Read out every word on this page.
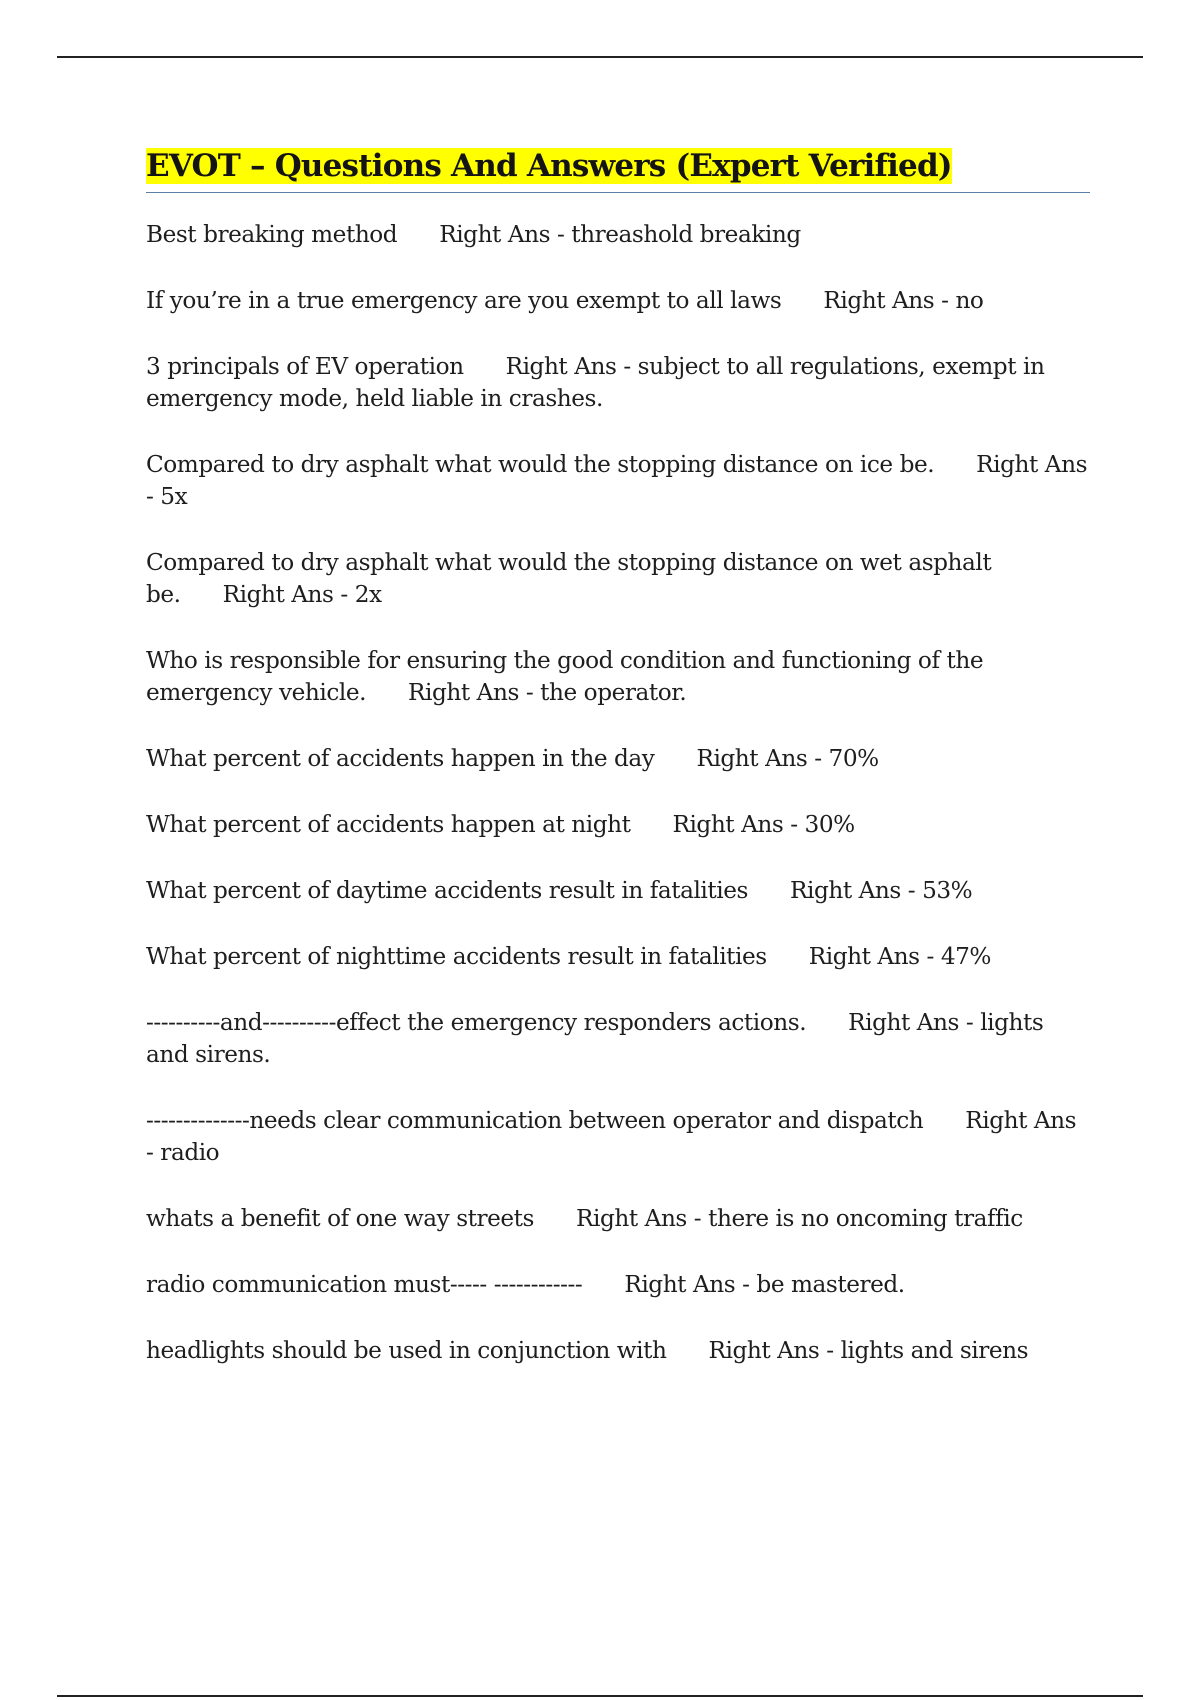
EVOT – Questions And Answers (Expert Verified)
Best breaking method Right Ans - threashold breaking
If you’re in a true emergency are you exempt to all laws Right Ans - no
3 principals of EV operation Right Ans - subject to all regulations, exempt in emergency mode, held liable in crashes.
Compared to dry asphalt what would the stopping distance on ice be. Right Ans - 5x
Compared to dry asphalt what would the stopping distance on wet asphalt be. Right Ans - 2x
Who is responsible for ensuring the good condition and functioning of the emergency vehicle. Right Ans - the operator.
What percent of accidents happen in the day Right Ans - 70%
What percent of accidents happen at night Right Ans - 30%
What percent of daytime accidents result in fatalities Right Ans - 53%
What percent of nighttime accidents result in fatalities Right Ans - 47%
----------and----------effect the emergency responders actions. Right Ans - lights and sirens.
--------------needs clear communication between operator and dispatch Right Ans - radio
whats a benefit of one way streets Right Ans - there is no oncoming traffic
radio communication must----- ------------ Right Ans - be mastered.
headlights should be used in conjunction with Right Ans - lights and sirens
